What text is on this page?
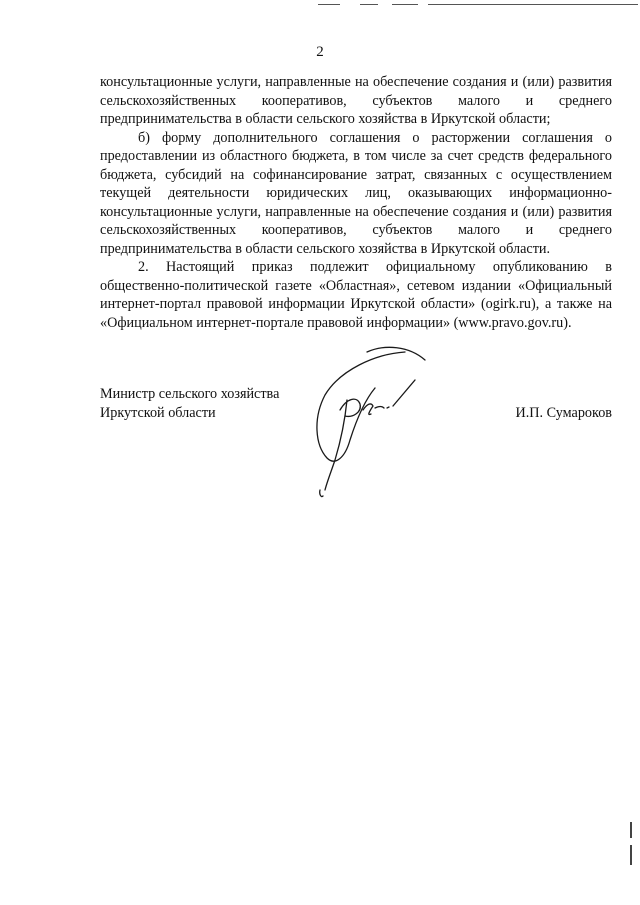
2

консультационные услуги, направленные на обеспечение создания и (или) развития сельскохозяйственных кооперативов, субъектов малого и среднего предпринимательства в области сельского хозяйства в Иркутской области;

б) форму дополнительного соглашения о расторжении соглашения о предоставлении из областного бюджета, в том числе за счет средств федерального бюджета, субсидий на софинансирование затрат, связанных с осуществлением текущей деятельности юридических лиц, оказывающих информационно-консультационные услуги, направленные на обеспечение создания и (или) развития сельскохозяйственных кооперативов, субъектов малого и среднего предпринимательства в области сельского хозяйства в Иркутской области.

2. Настоящий приказ подлежит официальному опубликованию в общественно-политической газете «Областная», сетевом издании «Официальный интернет-портал правовой информации Иркутской области» (ogirk.ru), а также на «Официальном интернет-портале правовой информации» (www.pravo.gov.ru).

Министр сельского хозяйства
Иркутской области	И.П. Сумароков
